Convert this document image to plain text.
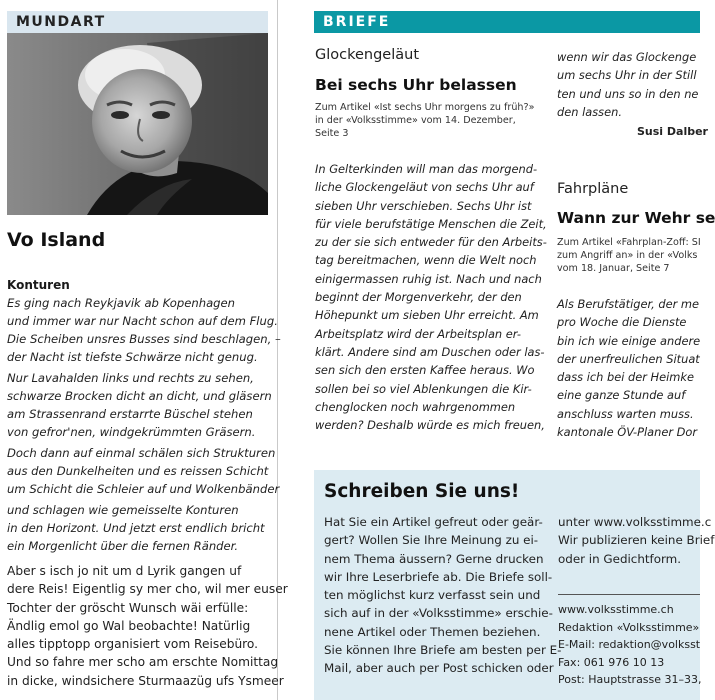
MUNDART
Vo Island
Konturen
Es ging nach Reykjavik ab Kopenhagen
und immer war nur Nacht schon auf dem Flug.
Die Scheiben unsres Busses sind beschlagen, –
der Nacht ist tiefste Schwärze nicht genug.
Nur Lavahalden links und rechts zu sehen,
schwarze Brocken dicht an dicht, und gläsern
am Strassenrand erstarrte Büschel stehen
von gefror'nen, windgekrümmten Gräsern.
Doch dann auf einmal schälen sich Strukturen
aus den Dunkelheiten und es reissen Schicht
um Schicht die Schleier auf und Wolkenbänder
und schlagen wie gemeisselte Konturen
in den Horizont. Und jetzt erst endlich bricht
ein Morgenlicht über die fernen Ränder.
Aber s isch jo nit um d Lyrik gangen uf
dere Reis! Eigentlig sy mer cho, wil mer euser
Tochter der gröscht Wunsch wäi erfülle:
Ändlig emol go Wal beobachte! Natürlig
alles tipptopp organisiert vom Reisebüro.
Und so fahre mer scho am erschte Nomittag
in dicke, windsichere Sturmaazüg ufs Ysmeer
BRIEFE
Glockengeläut
Bei sechs Uhr belassen
Zum Artikel «Ist sechs Uhr morgens zu früh?»
in der «Volksstimme» vom 14. Dezember,
Seite 3
In Gelterkinden will man das morgend-
liche Glockengeläut von sechs Uhr auf
sieben Uhr verschieben. Sechs Uhr ist
für viele berufstätige Menschen die Zeit,
zu der sie sich entweder für den Arbeits-
tag bereitmachen, wenn die Welt noch
einigermassen ruhig ist. Nach und nach
beginnt der Morgenverkehr, der den
Höhepunkt um sieben Uhr erreicht. Am
Arbeitsplatz wird der Arbeitsplan er-
klärt. Andere sind am Duschen oder las-
sen sich den ersten Kaffee heraus. Wo
sollen bei so viel Ablenkungen die Kir-
chenglocken noch wahrgenommen
werden? Deshalb würde es mich freuen,
wenn wir das Glockenge
um sechs Uhr in der Still
ten und uns so in den ne
den lassen.
Susi Dalber
Fahrpläne
Wann zur Wehr se
Zum Artikel «Fahrplan-Zoff: SI
zum Angriff an» in der «Volks
vom 18. Januar, Seite 7
Als Berufstätiger, der me
pro Woche die Dienste
bin ich wie einige andere
der unerfreulichen Situat
dass ich bei der Heimke
eine ganze Stunde auf
anschluss warten muss.
kantonale ÖV-Planer Dor
Schreiben Sie uns!
Hat Sie ein Artikel gefreut oder geär-
gert? Wollen Sie Ihre Meinung zu ei-
nem Thema äussern? Gerne drucken
wir Ihre Leserbriefe ab. Die Briefe soll-
ten möglichst kurz verfasst sein und
sich auf in der «Volksstimme» erschie-
nene Artikel oder Themen beziehen.
Sie können Ihre Briefe am besten per E-
Mail, aber auch per Post schicken oder
unter www.volksstimme.c
Wir publizieren keine Brief
oder in Gedichtform.
www.volksstimme.ch
Redaktion «Volksstimme»
E-Mail: redaktion@volksst
Fax: 061 976 10 13
Post: Hauptstrasse 31–33,
